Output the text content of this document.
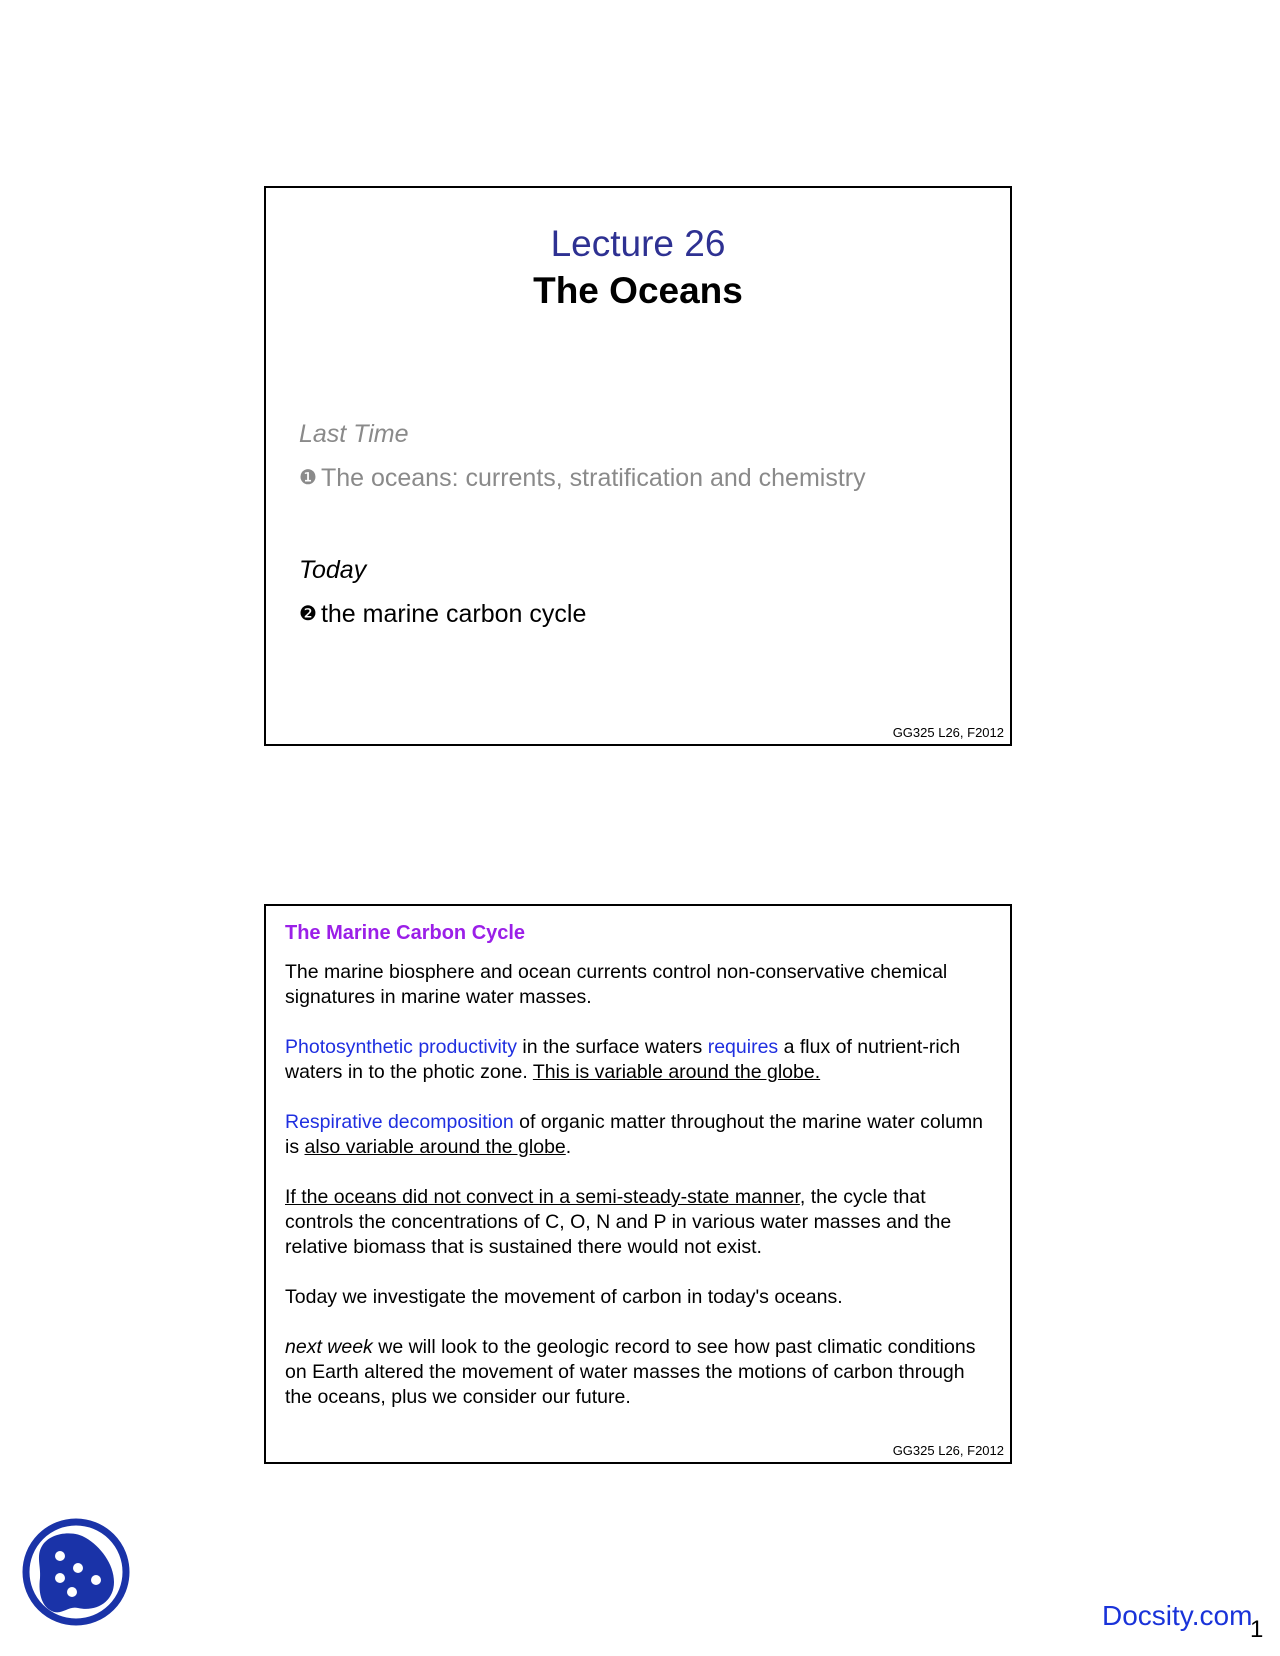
Lecture 26
The Oceans
Last Time
❶ The oceans: currents, stratification and chemistry
Today
❷ the marine carbon cycle
GG325 L26, F2012
The Marine Carbon Cycle

The marine biosphere and ocean currents control non-conservative chemical signatures in marine water masses.

Photosynthetic productivity in the surface waters requires a flux of nutrient-rich waters in to the photic zone. This is variable around the globe.

Respirative decomposition of organic matter throughout the marine water column is also variable around the globe.

If the oceans did not convect in a semi-steady-state manner, the cycle that controls the concentrations of C, O, N and P in various water masses and the relative biomass that is sustained there would not exist.

Today we investigate the movement of carbon in today's oceans.

next week we will look to the geologic record to see how past climatic conditions on Earth altered the movement of water masses the motions of carbon through the oceans, plus we consider our future.

GG325 L26, F2012
Docsity.com
1
